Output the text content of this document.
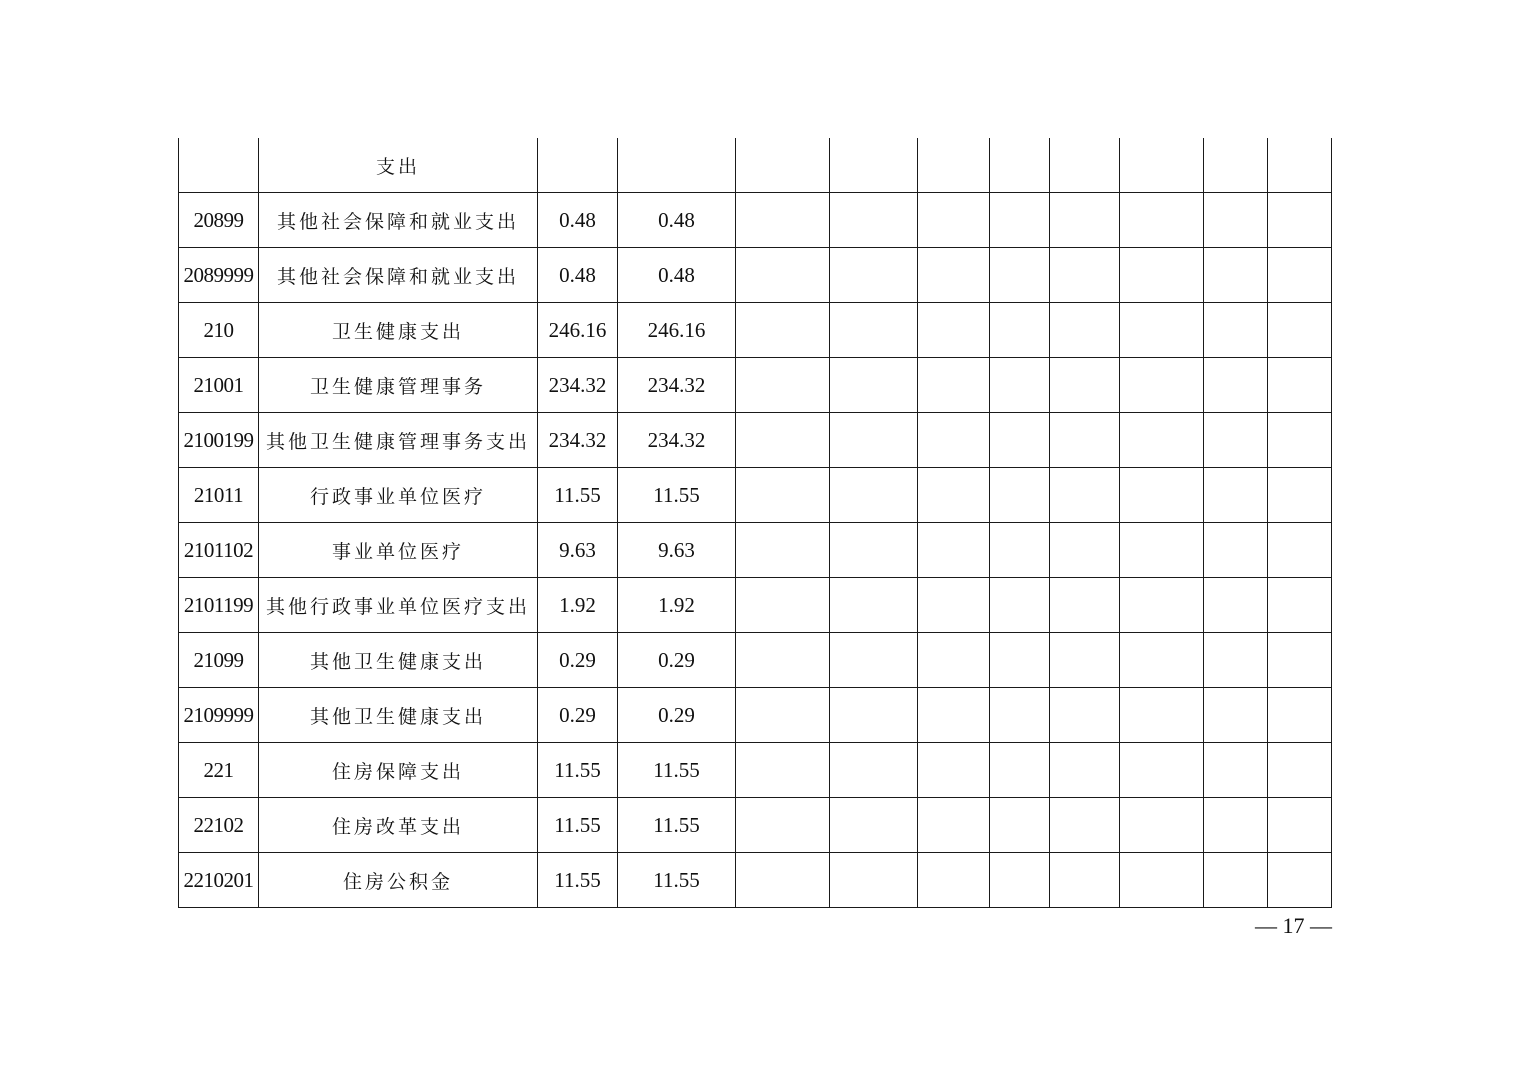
	支出										
20899	其他社会保障和就业支出	0.48	0.48								
2089999	其他社会保障和就业支出	0.48	0.48								
210	卫生健康支出	246.16	246.16								
21001	卫生健康管理事务	234.32	234.32								
2100199	其他卫生健康管理事务支出	234.32	234.32								
21011	行政事业单位医疗	11.55	11.55								
2101102	事业单位医疗	9.63	9.63								
2101199	其他行政事业单位医疗支出	1.92	1.92								
21099	其他卫生健康支出	0.29	0.29								
2109999	其他卫生健康支出	0.29	0.29								
221	住房保障支出	11.55	11.55								
22102	住房改革支出	11.55	11.55								
2210201	住房公积金	11.55	11.55								
— 17 —
